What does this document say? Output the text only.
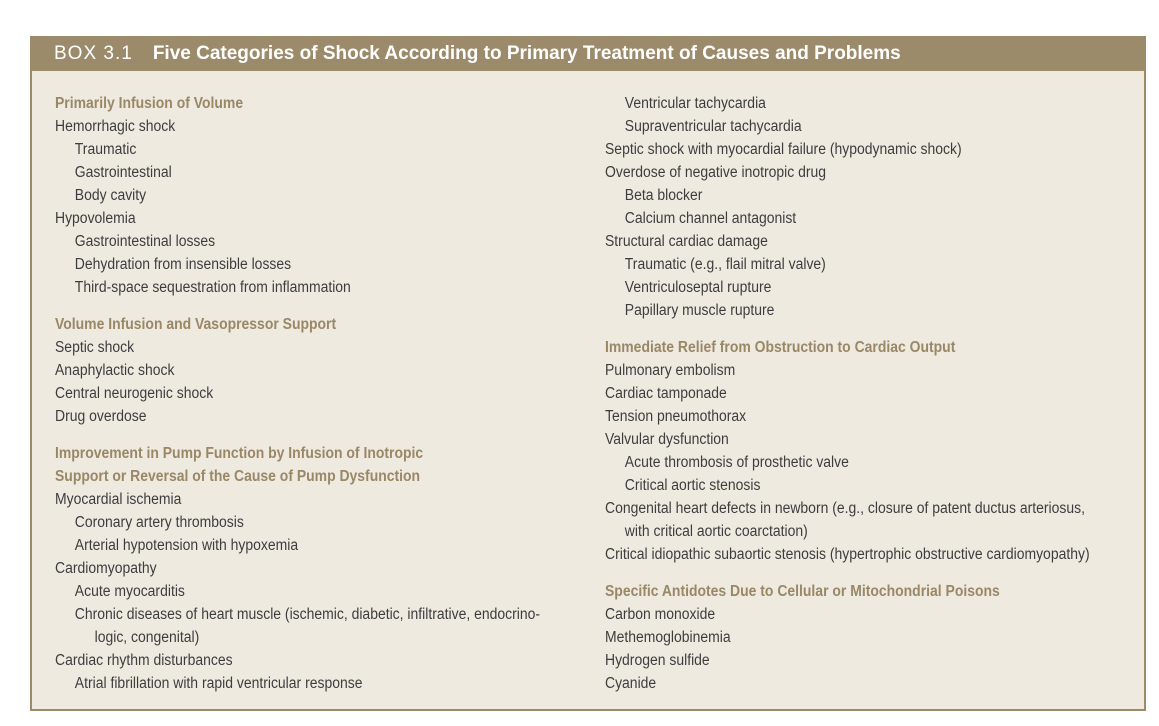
BOX 3.1 Five Categories of Shock According to Primary Treatment of Causes and Problems
Primarily Infusion of Volume
Hemorrhagic shock
Traumatic
Gastrointestinal
Body cavity
Hypovolemia
Gastrointestinal losses
Dehydration from insensible losses
Third-space sequestration from inflammation
Volume Infusion and Vasopressor Support
Septic shock
Anaphylactic shock
Central neurogenic shock
Drug overdose
Improvement in Pump Function by Infusion of Inotropic
Support or Reversal of the Cause of Pump Dysfunction
Myocardial ischemia
Coronary artery thrombosis
Arterial hypotension with hypoxemia
Cardiomyopathy
Acute myocarditis
Chronic diseases of heart muscle (ischemic, diabetic, infiltrative, endocrino-
logic, congenital)
Cardiac rhythm disturbances
Atrial fibrillation with rapid ventricular response
Ventricular tachycardia
Supraventricular tachycardia
Septic shock with myocardial failure (hypodynamic shock)
Overdose of negative inotropic drug
Beta blocker
Calcium channel antagonist
Structural cardiac damage
Traumatic (e.g., flail mitral valve)
Ventriculoseptal rupture
Papillary muscle rupture
Immediate Relief from Obstruction to Cardiac Output
Pulmonary embolism
Cardiac tamponade
Tension pneumothorax
Valvular dysfunction
Acute thrombosis of prosthetic valve
Critical aortic stenosis
Congenital heart defects in newborn (e.g., closure of patent ductus arteriosus,
with critical aortic coarctation)
Critical idiopathic subaortic stenosis (hypertrophic obstructive cardiomyopathy)
Specific Antidotes Due to Cellular or Mitochondrial Poisons
Carbon monoxide
Methemoglobinemia
Hydrogen sulfide
Cyanide
